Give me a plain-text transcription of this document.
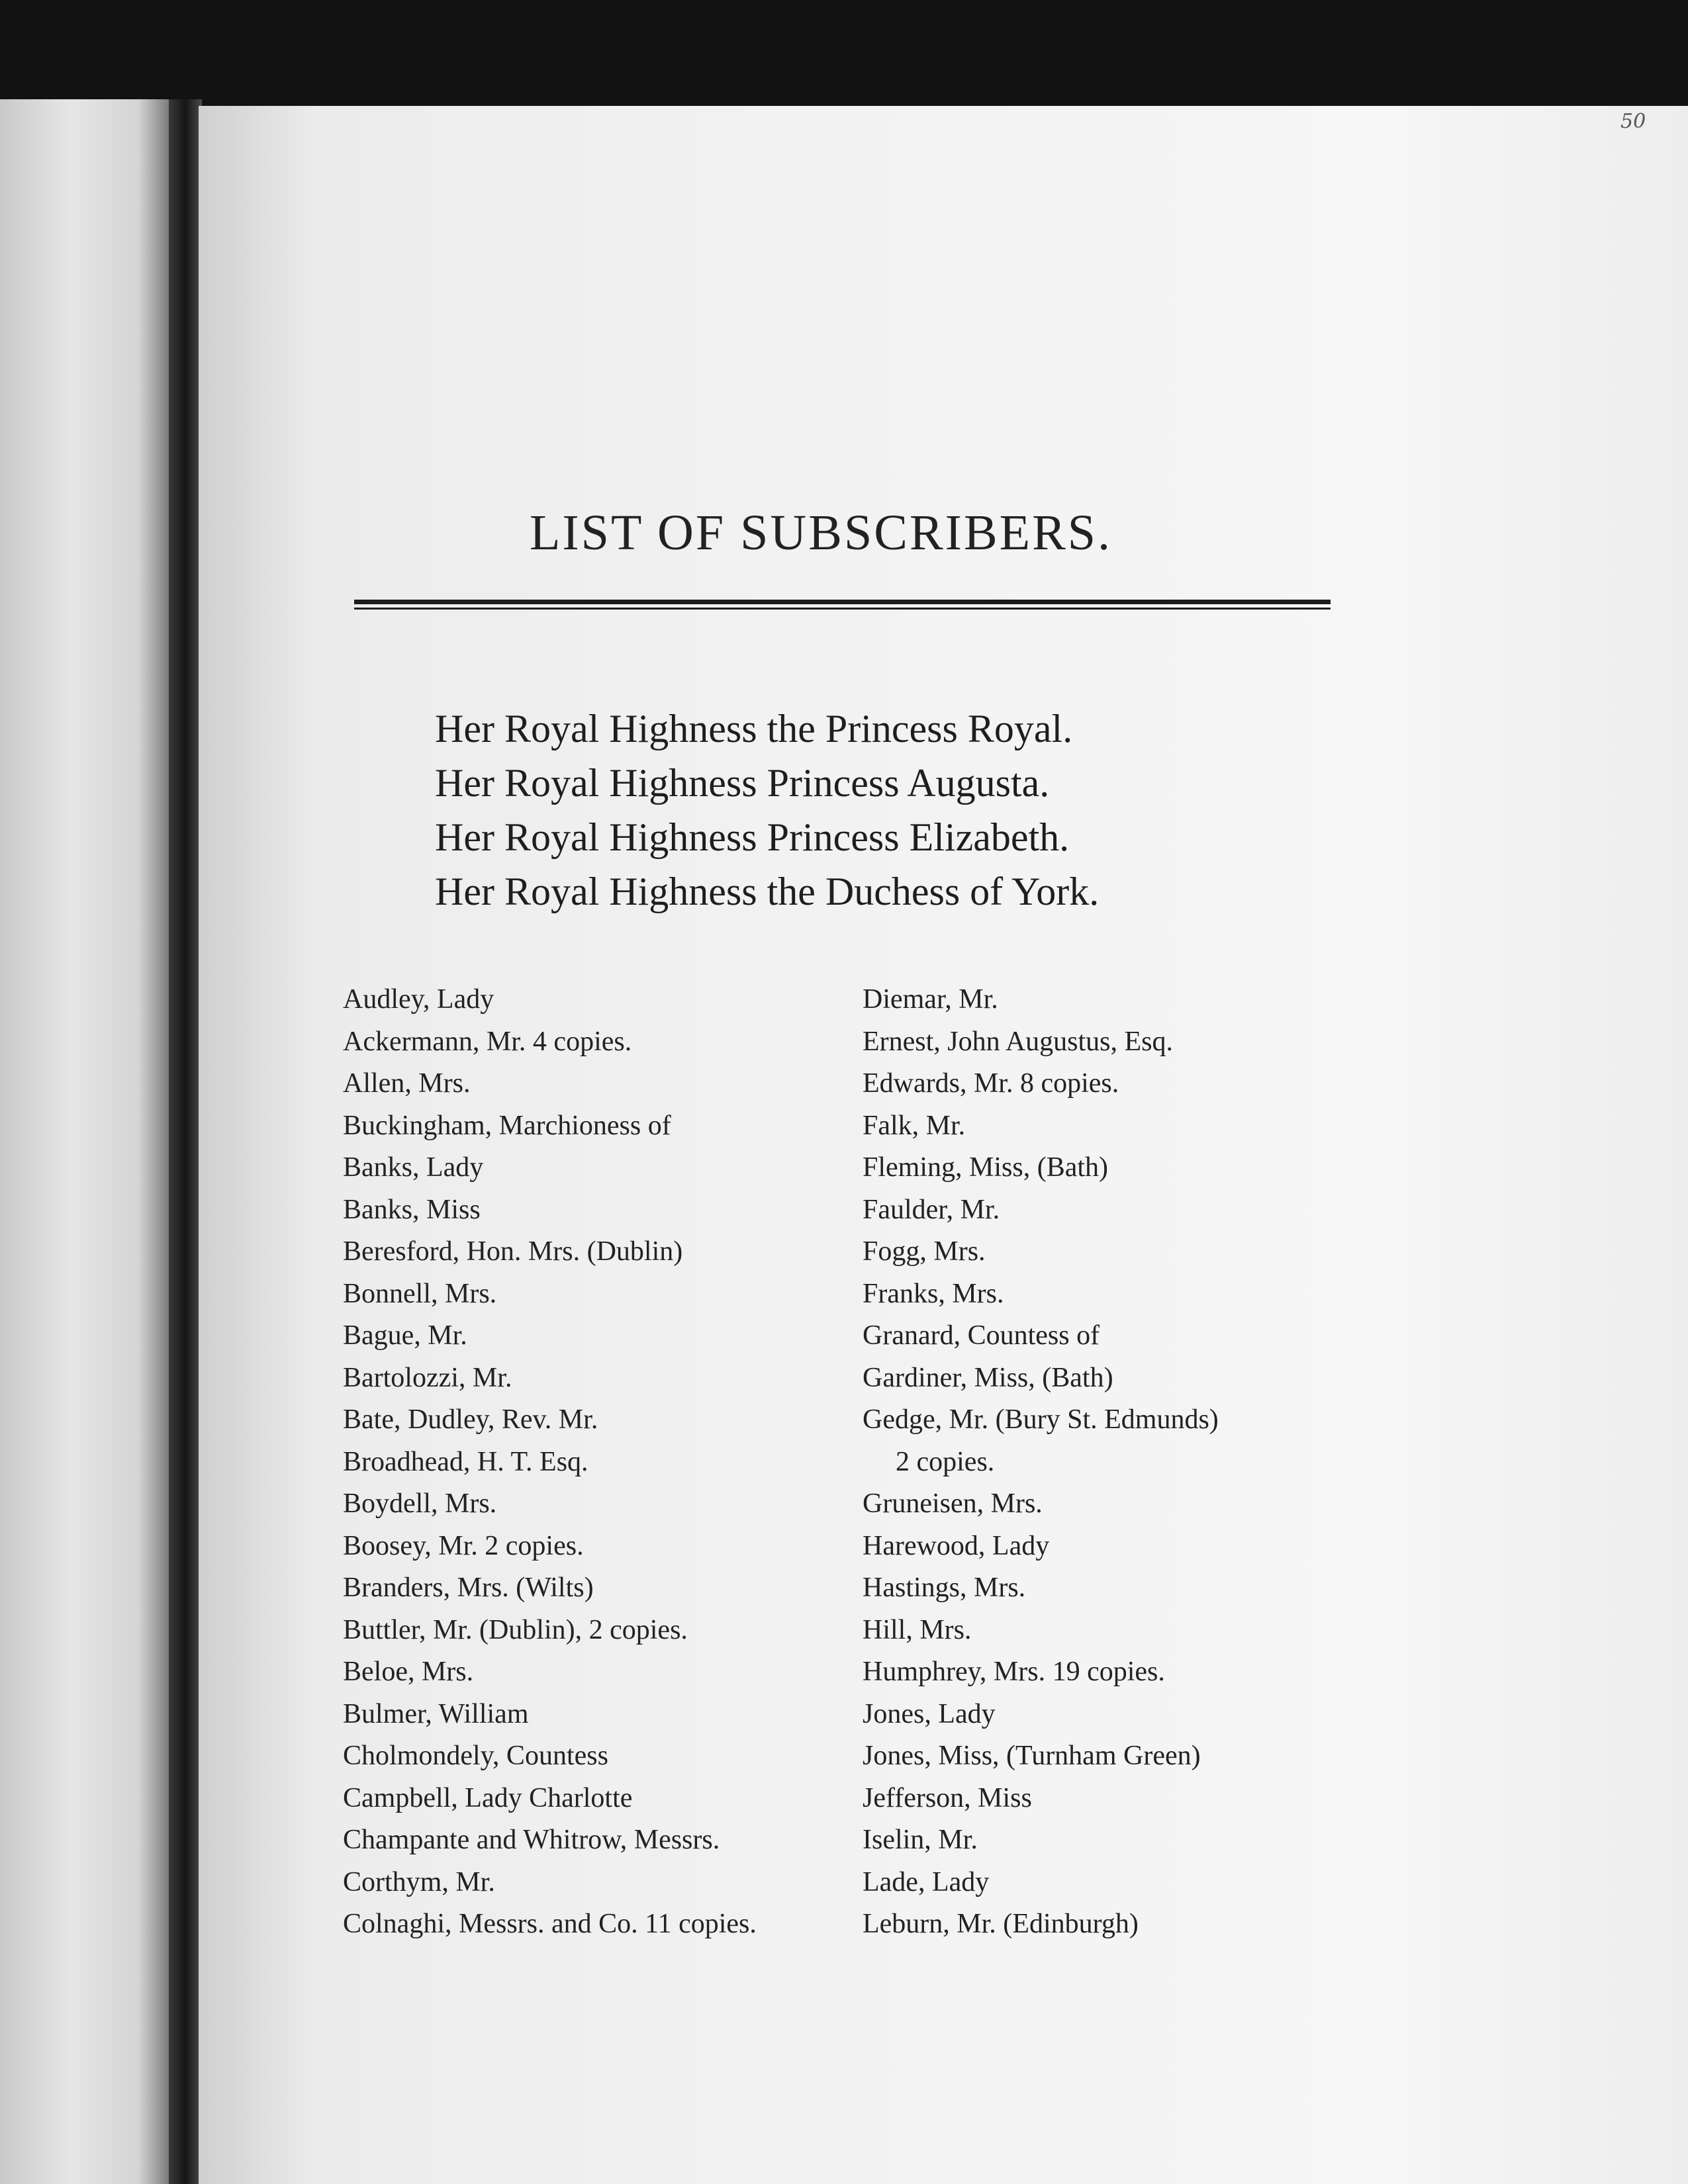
50
LIST OF SUBSCRIBERS.
Her Royal Highness the Princess Royal.
Her Royal Highness Princess Augusta.
Her Royal Highness Princess Elizabeth.
Her Royal Highness the Duchess of York.
Audley, Lady
Ackermann, Mr. 4 copies.
Allen, Mrs.
Buckingham, Marchioness of
Banks, Lady
Banks, Miss
Beresford, Hon. Mrs. (Dublin)
Bonnell, Mrs.
Bague, Mr.
Bartolozzi, Mr.
Bate, Dudley, Rev. Mr.
Broadhead, H. T. Esq.
Boydell, Mrs.
Boosey, Mr. 2 copies.
Branders, Mrs. (Wilts)
Buttler, Mr. (Dublin), 2 copies.
Beloe, Mrs.
Bulmer, William
Cholmondely, Countess
Campbell, Lady Charlotte
Champante and Whitrow, Messrs.
Corthym, Mr.
Colnaghi, Messrs. and Co. 11 copies.
Diemar, Mr.
Ernest, John Augustus, Esq.
Edwards, Mr. 8 copies.
Falk, Mr.
Fleming, Miss, (Bath)
Faulder, Mr.
Fogg, Mrs.
Franks, Mrs.
Granard, Countess of
Gardiner, Miss, (Bath)
Gedge, Mr. (Bury St. Edmunds)
2 copies.
Gruneisen, Mrs.
Harewood, Lady
Hastings, Mrs.
Hill, Mrs.
Humphrey, Mrs. 19 copies.
Jones, Lady
Jones, Miss, (Turnham Green)
Jefferson, Miss
Iselin, Mr.
Lade, Lady
Leburn, Mr. (Edinburgh)
